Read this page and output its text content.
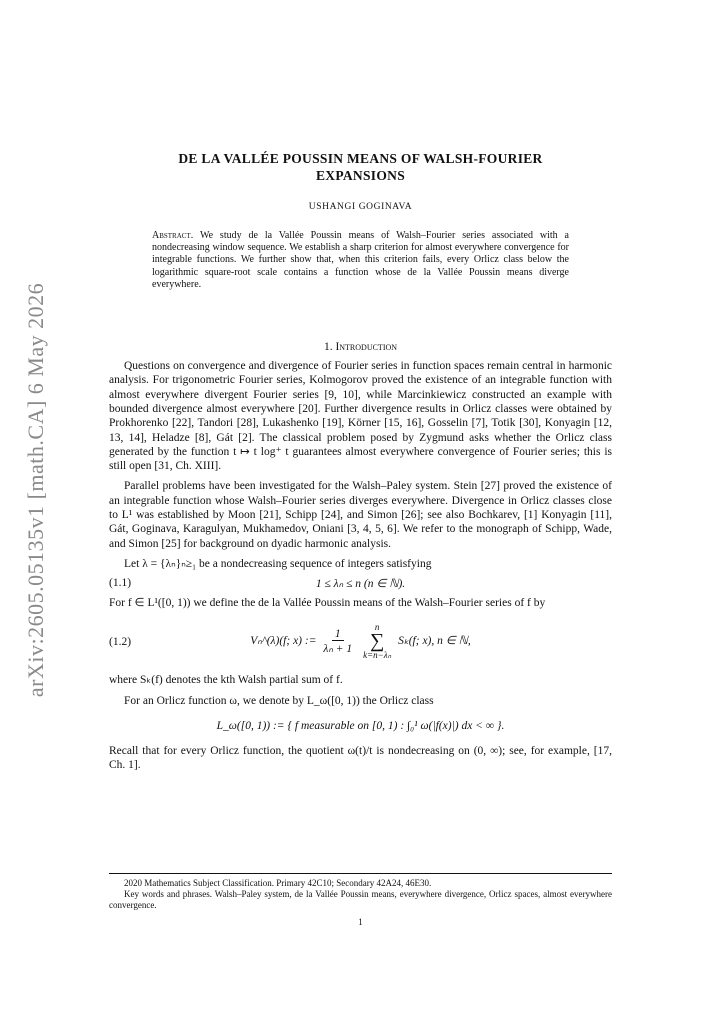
arXiv:2605.05135v1 [math.CA] 6 May 2026
DE LA VALLÉE POUSSIN MEANS OF WALSH-FOURIER
EXPANSIONS
USHANGI GOGINAVA
Abstract. We study de la Vallée Poussin means of Walsh–Fourier series associated with a nondecreasing window sequence. We establish a sharp criterion for almost everywhere convergence for integrable functions. We further show that, when this criterion fails, every Orlicz class below the logarithmic square-root scale contains a function whose de la Vallée Poussin means diverge everywhere.
1. Introduction

Questions on convergence and divergence of Fourier series in function spaces remain central in harmonic analysis. For trigonometric Fourier series, Kolmogorov proved the existence of an integrable function with almost everywhere divergent Fourier series [9, 10], while Marcinkiewicz constructed an example with bounded divergence almost everywhere [20]. Further divergence results in Orlicz classes were obtained by Prokhorenko [22], Tandori [28], Lukashenko [19], Körner [15, 16], Gosselin [7], Totik [30], Konyagin [12, 13, 14], Heladze [8], Gát [2]. The classical problem posed by Zygmund asks whether the Orlicz class generated by the function t ↦ t log⁺ t guarantees almost everywhere convergence of Fourier series; this is still open [31, Ch. XIII].

Parallel problems have been investigated for the Walsh–Paley system. Stein [27] proved the existence of an integrable function whose Walsh–Fourier series diverges everywhere. Divergence in Orlicz classes close to L¹ was established by Moon [21], Schipp [24], and Simon [26]; see also Bochkarev, [1] Konyagin [11], Gát, Goginava, Karagulyan, Mukhamedov, Oniani [3, 4, 5, 6]. We refer to the monograph of Schipp, Wade, and Simon [25] for background on dyadic harmonic analysis.

Let λ = {λₙ}ₙ≥₁ be a nondecreasing sequence of integers satisfying

(1.1)	1 ≤ λₙ ≤ n (n ∈ ℕ).

For f ∈ L¹([0, 1)) we define the de la Vallée Poussin means of the Walsh–Fourier series of f by

(1.2)	Vₙ^(λ)(f; x) := $\frac{1}{\text{λₙ + 1}}$

n
∑
k=n−λₙ
Sₖ(f; x), n ∈ ℕ,

where Sₖ(f) denotes the kth Walsh partial sum of f.

For an Orlicz function ω, we denote by L_ω([0, 1)) the Orlicz class

L_ω([0, 1)) := { f measurable on [0, 1) : ∫₀¹ ω(|f(x)|) dx < ∞ }.

Recall that for every Orlicz function, the quotient ω(t)/t is nondecreasing on (0, ∞); see, for example, [17, Ch. 1].

2020 Mathematics Subject Classification. Primary 42C10; Secondary 42A24, 46E30.
Key words and phrases. Walsh–Paley system, de la Vallée Poussin means, everywhere divergence, Orlicz spaces, almost everywhere convergence.
1
